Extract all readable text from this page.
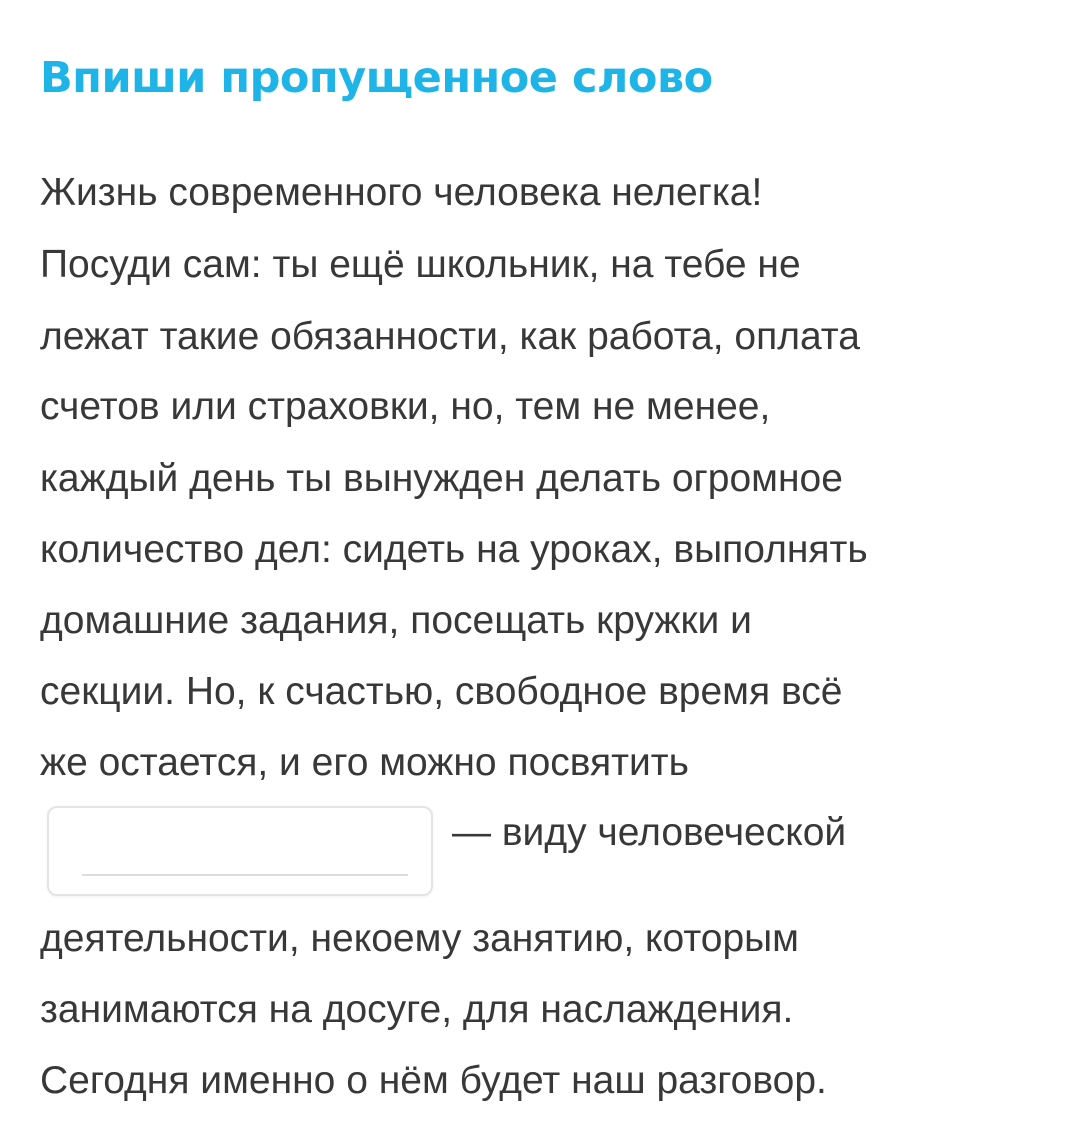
Впиши пропущенное слово
Жизнь современного человека нелегка!
Посуди сам: ты ещё школьник, на тебе не
лежат такие обязанности, как работа, оплата
счетов или страховки, но, тем не менее,
каждый день ты вынужден делать огромное
количество дел: сидеть на уроках, выполнять
домашние задания, посещать кружки и
секции. Но, к счастью, свободное время всё
же остается, и его можно посвятить
— виду человеческой
деятельности, некоему занятию, которым
занимаются на досуге, для наслаждения.
Сегодня именно о нём будет наш разговор.
